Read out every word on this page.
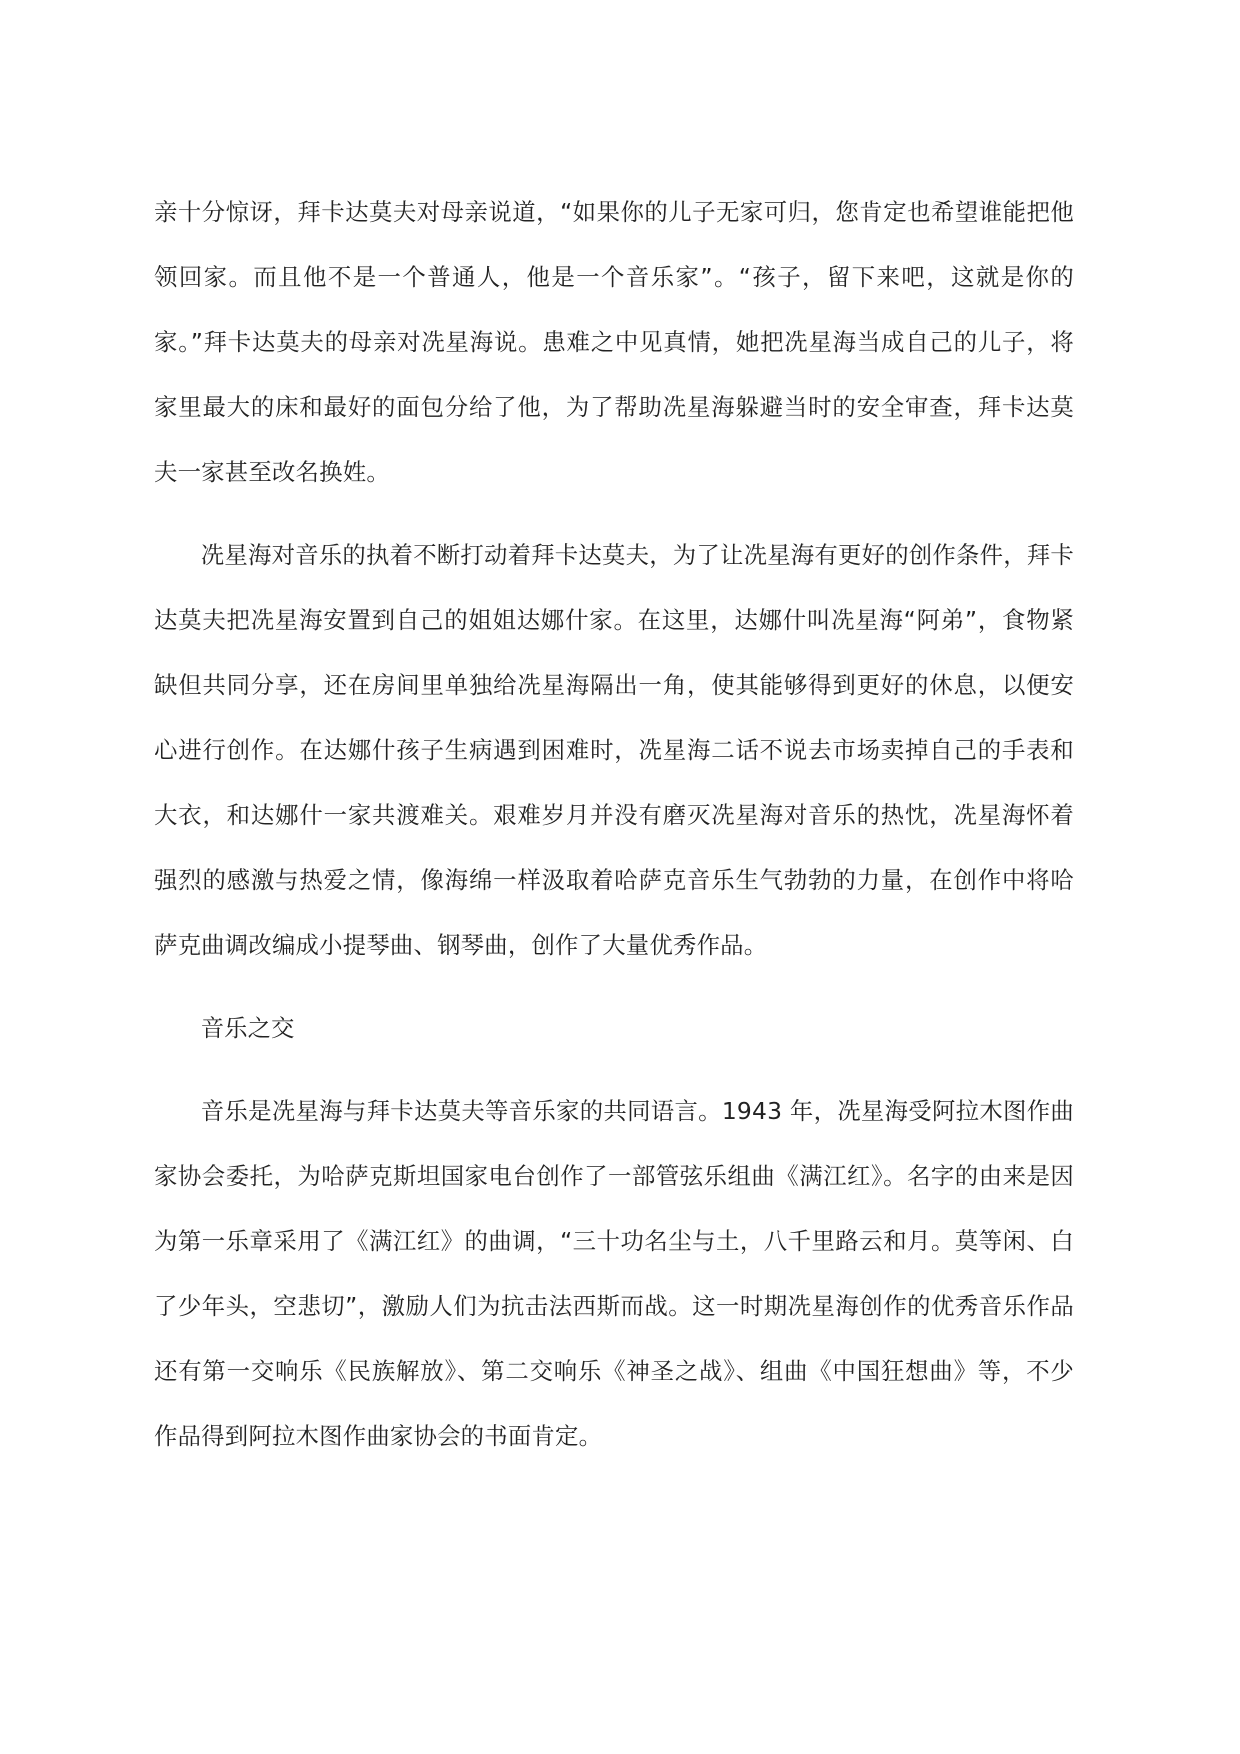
亲十分惊讶，拜卡达莫夫对母亲说道，“如果你的儿子无家可归，您肯定也希望谁能把他领回家。而且他不是一个普通人，他是一个音乐家”。“孩子，留下来吧，这就是你的家。”拜卡达莫夫的母亲对冼星海说。患难之中见真情，她把冼星海当成自己的儿子，将家里最大的床和最好的面包分给了他，为了帮助冼星海躲避当时的安全审查，拜卡达莫夫一家甚至改名换姓。

冼星海对音乐的执着不断打动着拜卡达莫夫，为了让冼星海有更好的创作条件，拜卡达莫夫把冼星海安置到自己的姐姐达娜什家。在这里，达娜什叫冼星海“阿弟”，食物紧缺但共同分享，还在房间里单独给冼星海隔出一角，使其能够得到更好的休息，以便安心进行创作。在达娜什孩子生病遇到困难时，冼星海二话不说去市场卖掉自己的手表和大衣，和达娜什一家共渡难关。艰难岁月并没有磨灭冼星海对音乐的热忱，冼星海怀着强烈的感激与热爱之情，像海绵一样汲取着哈萨克音乐生气勃勃的力量，在创作中将哈萨克曲调改编成小提琴曲、钢琴曲，创作了大量优秀作品。

音乐之交

音乐是冼星海与拜卡达莫夫等音乐家的共同语言。1943 年，冼星海受阿拉木图作曲家协会委托，为哈萨克斯坦国家电台创作了一部管弦乐组曲《满江红》。名字的由来是因为第一乐章采用了《满江红》的曲调，“三十功名尘与土，八千里路云和月。莫等闲、白了少年头，空悲切”，激励人们为抗击法西斯而战。这一时期冼星海创作的优秀音乐作品还有第一交响乐《民族解放》、第二交响乐《神圣之战》、组曲《中国狂想曲》等，不少作品得到阿拉木图作曲家协会的书面肯定。
